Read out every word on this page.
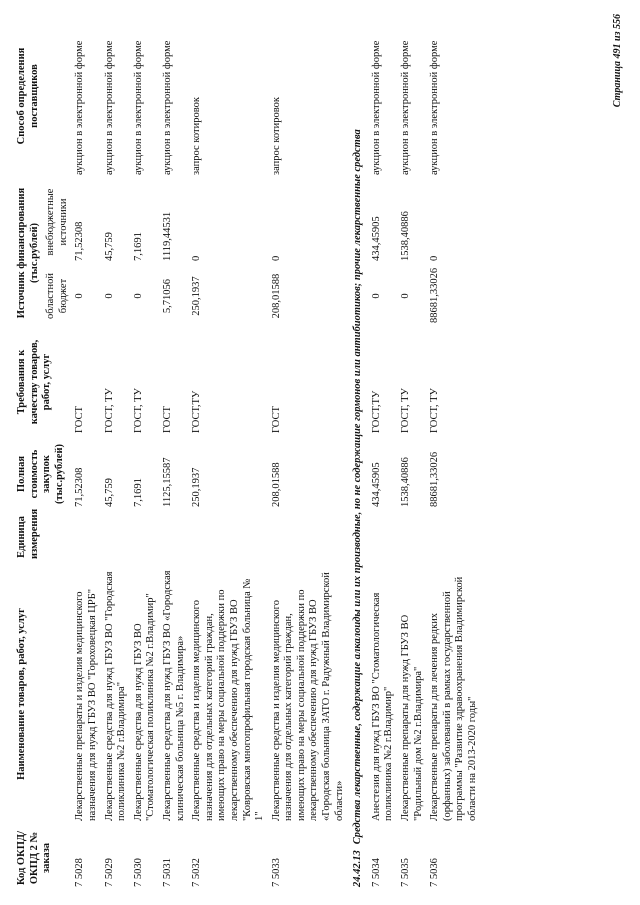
Код ОКПД/ ОКПД 2 № заказа	Наименование товаров, работ, услуг	Единица измерения	Полная стоимость закупок (тыс.рублей)	Требования к качеству товаров, работ, услуг	Источник финансирования (тыс.рублей)		Способ определения поставщиков
					областной бюджет	внебюджетные источники	
7 5028	Лекарственные препараты и изделия медицинского назначения для нужд ГБУЗ ВО "Гороховецкая ЦРБ"		71,52308	ГОСТ	0	71,52308	аукцион в электронной форме
7 5029	Лекарственные средства для нужд ГБУЗ ВО "Городская поликлиника №2 г.Владимира"		45,759	ГОСТ, ТУ	0	45,759	аукцион в электронной форме
7 5030	Лекарственные средства для нужд ГБУЗ ВО "Стоматологическая поликлиника №2 г.Владимир"		7,1691	ГОСТ, ТУ	0	7,1691	аукцион в электронной форме
7 5031	Лекарственные средства для нужд ГБУЗ ВО «Городская клиническая больница №5 г. Владимира»		1125,15587	ГОСТ	5,71056	1119,44531	аукцион в электронной форме
7 5032	Лекарственные средства и изделия медицинского назначения для отдельных категорий граждан, имеющих право на меры социальной поддержки по лекарственному обеспечению для нужд ГБУЗ ВО "Ковровская многопрофильная городская больница № 1"		250,1937	ГОСТ,ТУ	250,1937	0	запрос котировок
7 5033	Лекарственные средства и изделия медицинского назначения для отдельных категорий граждан, имеющих право на меры социальной поддержки по лекарственному обеспечению для нужд ГБУЗ ВО «Городская больница ЗАТО г. Радужный Владимирской области»		208,01588	ГОСТ	208,01588	0	запрос котировок
24.42.13Средства лекарственные, содержащие алкалоиды или их производные, но не содержащие гормонов или антибиотиков; прочие лекарственные средства							
7 5034	Анестезия для нужд ГБУЗ ВО "Стоматологическая поликлиника №2 г.Владимир"		434,45905	ГОСТ,ТУ	0	434,45905	аукцион в электронной форме
7 5035	Лекарственные препараты для нужд ГБУЗ ВО "Родильный дом №2 г.Владимира"		1538,40886	ГОСТ, ТУ	0	1538,40886	аукцион в электронной форме
7 5036	Лекарственные препараты для лечения редких (орфанных) заболеваний в рамках государственной программы "Развитие здравоохранения Владимирской области на 2013-2020 годы"		88681,33026	ГОСТ, ТУ	88681,33026	0	аукцион в электронной форме	Страница 491 из 556
